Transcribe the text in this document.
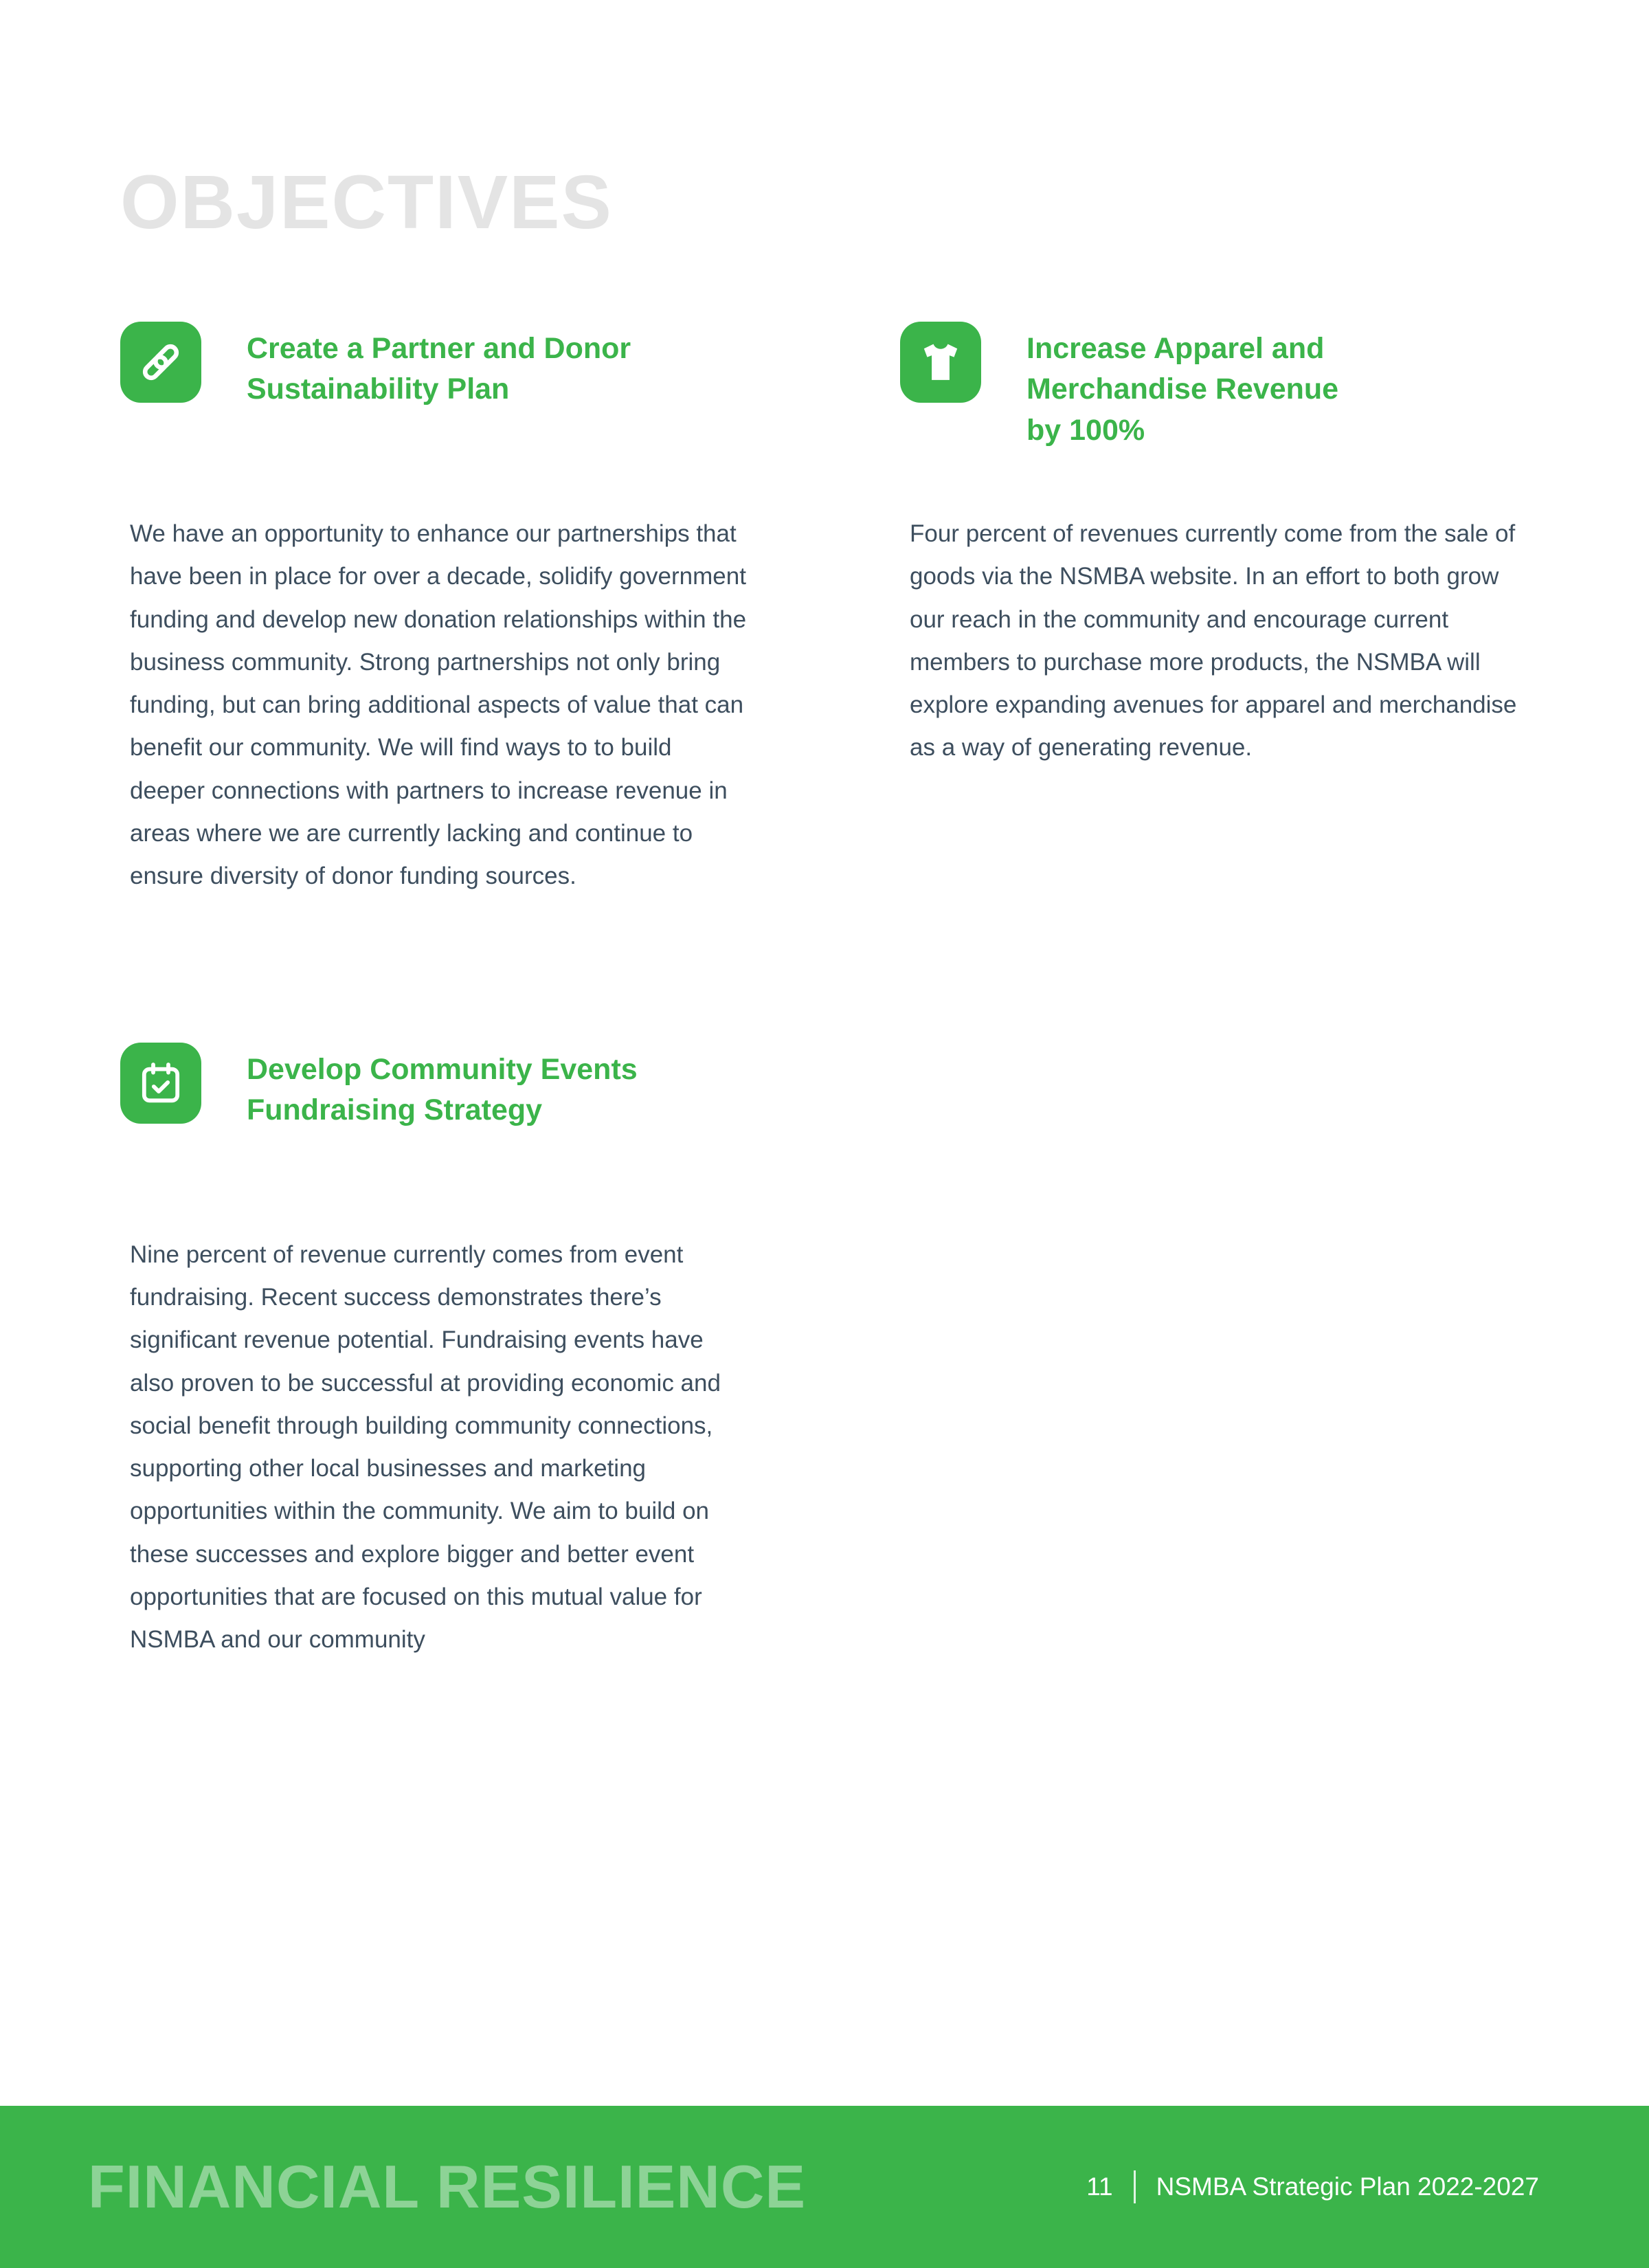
OBJECTIVES
Create a Partner and Donor
Sustainability Plan

We have an opportunity to enhance our partnerships that have been in place for over a decade, solidify government funding and develop new donation relationships within the business community. Strong partnerships not only bring funding, but can bring additional aspects of value that can benefit our community. We will find ways to to build deeper connections with partners to increase revenue in areas where we are currently lacking and continue to ensure diversity of donor funding sources.

Develop Community Events
Fundraising Strategy

Nine percent of revenue currently comes from event fundraising. Recent success demonstrates there’s significant revenue potential. Fundraising events have also proven to be successful at providing economic and social benefit through building community connections, supporting other local businesses and marketing opportunities within the community. We aim to build on these successes and explore bigger and better event opportunities that are focused on this mutual value for NSMBA and our community

Increase Apparel and
Merchandise Revenue
by 100%

Four percent of revenues currently come from the sale of goods via the NSMBA website. In an effort to both grow our reach in the community and encourage current members to purchase more products, the NSMBA will explore expanding avenues for apparel and merchandise as a way of generating revenue.

FINANCIAL RESILIENCE	11 NSMBA Strategic Plan 2022-2027
